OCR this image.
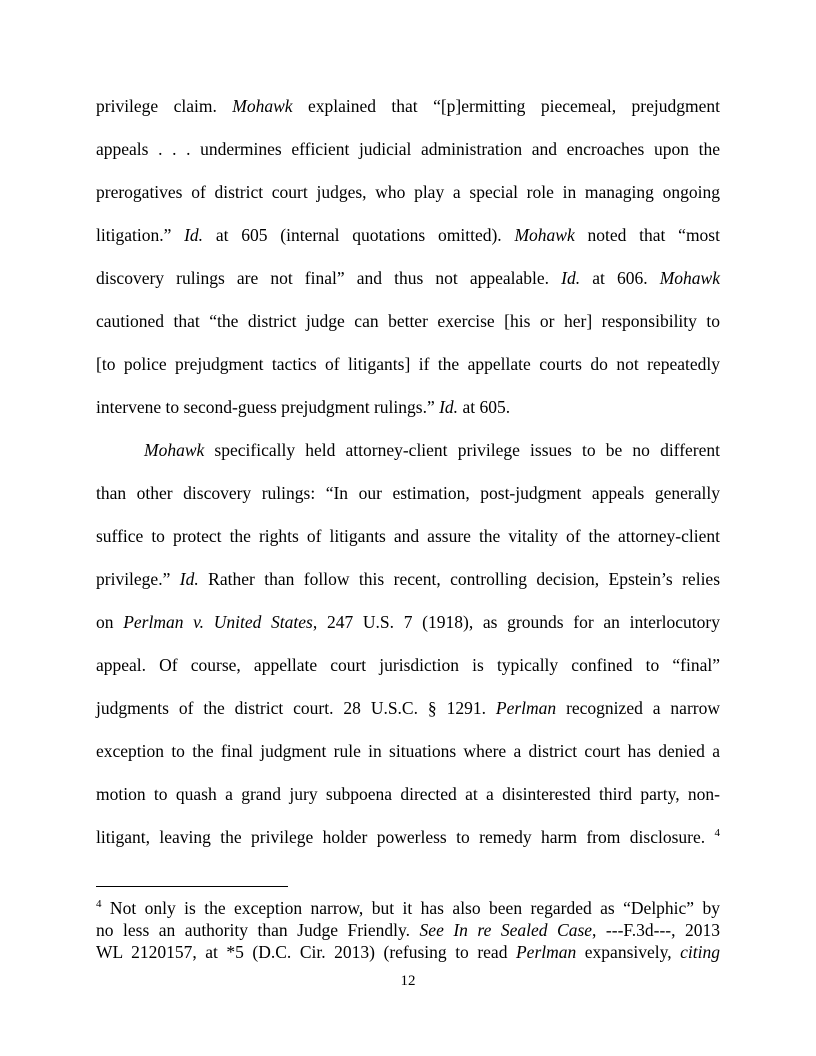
privilege claim. Mohawk explained that “[p]ermitting piecemeal, prejudgment
appeals . . . undermines efficient judicial administration and encroaches upon the
prerogatives of district court judges, who play a special role in managing ongoing
litigation.” Id. at 605 (internal quotations omitted). Mohawk noted that “most
discovery rulings are not final” and thus not appealable. Id. at 606. Mohawk
cautioned that “the district judge can better exercise [his or her] responsibility to
[to police prejudgment tactics of litigants] if the appellate courts do not repeatedly
intervene to second-guess prejudgment rulings.” Id. at 605.
Mohawk specifically held attorney-client privilege issues to be no different
than other discovery rulings: “In our estimation, post-judgment appeals generally
suffice to protect the rights of litigants and assure the vitality of the attorney-client
privilege.” Id. Rather than follow this recent, controlling decision, Epstein’s relies
on Perlman v. United States, 247 U.S. 7 (1918), as grounds for an interlocutory
appeal. Of course, appellate court jurisdiction is typically confined to “final”
judgments of the district court. 28 U.S.C. § 1291. Perlman recognized a narrow
exception to the final judgment rule in situations where a district court has denied a
motion to quash a grand jury subpoena directed at a disinterested third party, non-
litigant, leaving the privilege holder powerless to remedy harm from disclosure. $^4$
$^4$ Not only is the exception narrow, but it has also been regarded as “Delphic” by
no less an authority than Judge Friendly. See In re Sealed Case, ---F.3d---, 2013
WL 2120157, at *5 (D.C. Cir. 2013) (refusing to read Perlman expansively, citing
12
